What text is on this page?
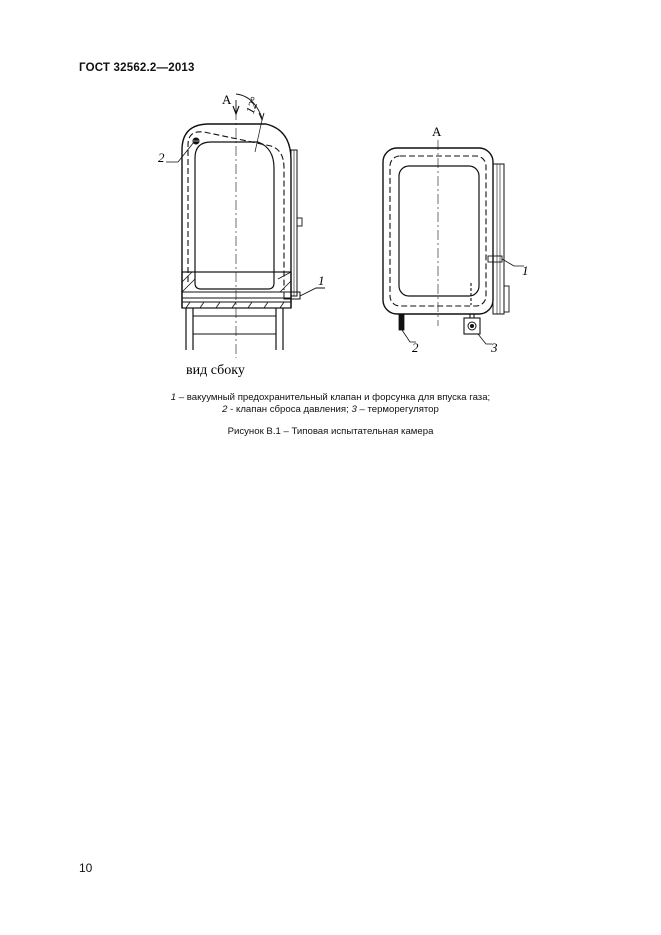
ГОСТ 32562.2—2013
А 12°
2
1
вид сбоку
А
1
2	3
1 – вакуумный предохранительный клапан и форсунка для впуска газа;
2 - клапан сброса давления; 3 – терморегулятор
Рисунок В.1 – Типовая испытательная камера
10
